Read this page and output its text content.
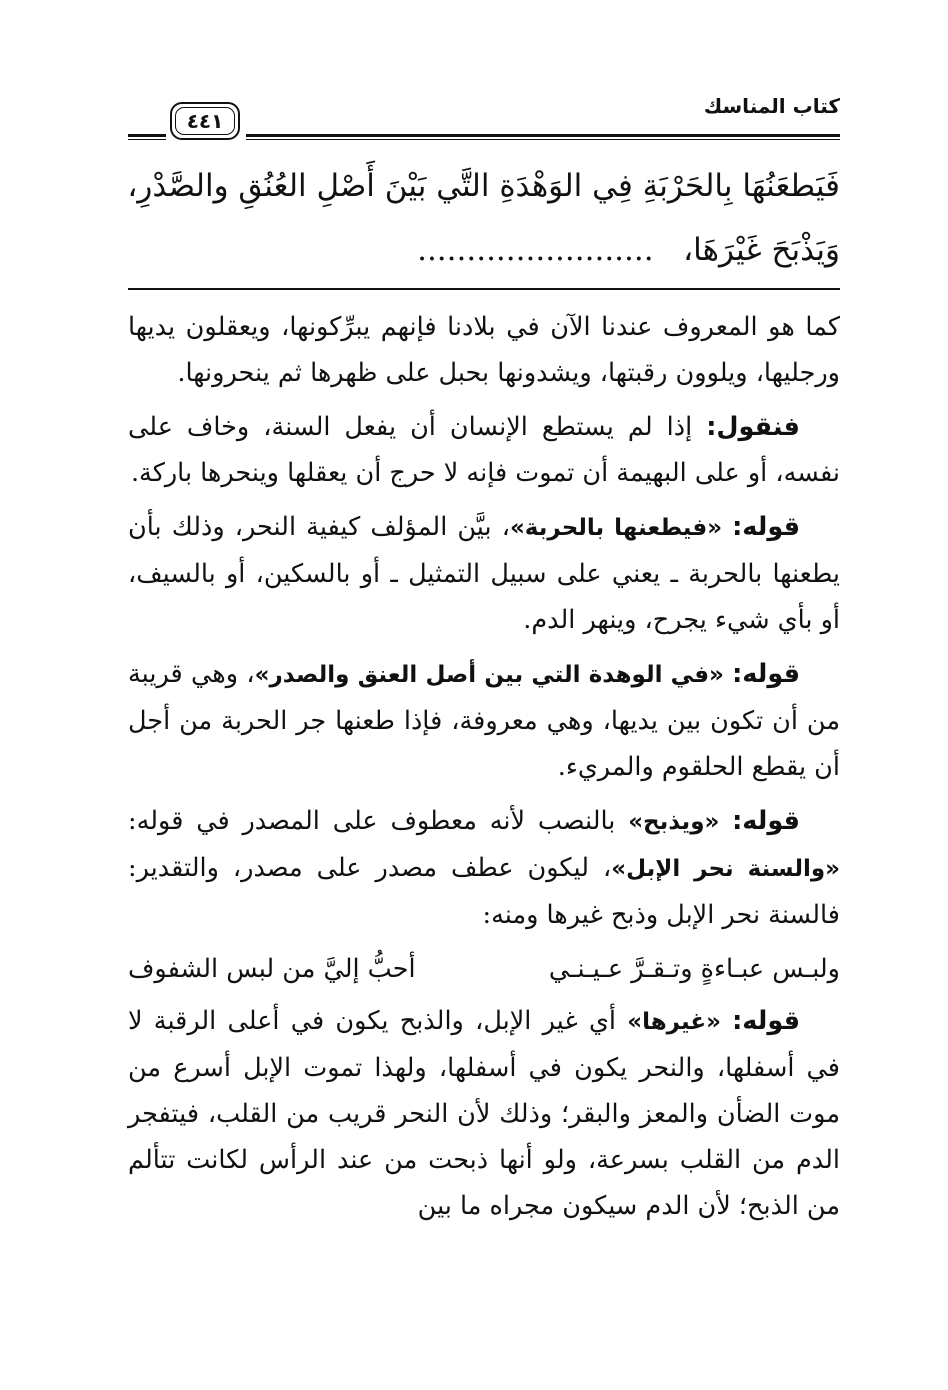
كتاب المناسك
٤٤١
فَيَطعَنُهَا بِالحَرْبَةِ فِي الوَهْدَةِ التَّي بَيْنَ أَصْلِ العُنُقِ والصَّدْرِ،
وَيَذْبَحَ غَيْرَهَا،   ........................

كما هو المعروف عندنا الآن في بلادنا فإنهم يبرِّكونها، ويعقلون يديها ورجليها، ويلوون رقبتها، ويشدونها بحبل على ظهرها ثم ينحرونها.

فنقول: إذا لم يستطع الإنسان أن يفعل السنة، وخاف على نفسه، أو على البهيمة أن تموت فإنه لا حرج أن يعقلها وينحرها باركة.

قوله: «فيطعنها بالحربة»، بيَّن المؤلف كيفية النحر، وذلك بأن يطعنها بالحربة ـ يعني على سبيل التمثيل ـ أو بالسكين، أو بالسيف، أو بأي شيء يجرح، وينهر الدم.

قوله: «في الوهدة التي بين أصل العنق والصدر»، وهي قريبة من أن تكون بين يديها، وهي معروفة، فإذا طعنها جر الحربة من أجل أن يقطع الحلقوم والمريء.

قوله: «ويذبح» بالنصب لأنه معطوف على المصدر في قوله: «والسنة نحر الإبل»، ليكون عطف مصدر على مصدر، والتقدير: فالسنة نحر الإبل وذبح غيرها ومنه:

ولبـس عبـاءةٍ وتـقـرَّ عـيـنـي
أحبُّ إليَّ من لبس الشفوف

قوله: «غيرها» أي غير الإبل، والذبح يكون في أعلى الرقبة لا في أسفلها، والنحر يكون في أسفلها، ولهذا تموت الإبل أسرع من موت الضأن والمعز والبقر؛ وذلك لأن النحر قريب من القلب، فيتفجر الدم من القلب بسرعة، ولو أنها ذبحت من عند الرأس لكانت تتألم من الذبح؛ لأن الدم سيكون مجراه ما بين
